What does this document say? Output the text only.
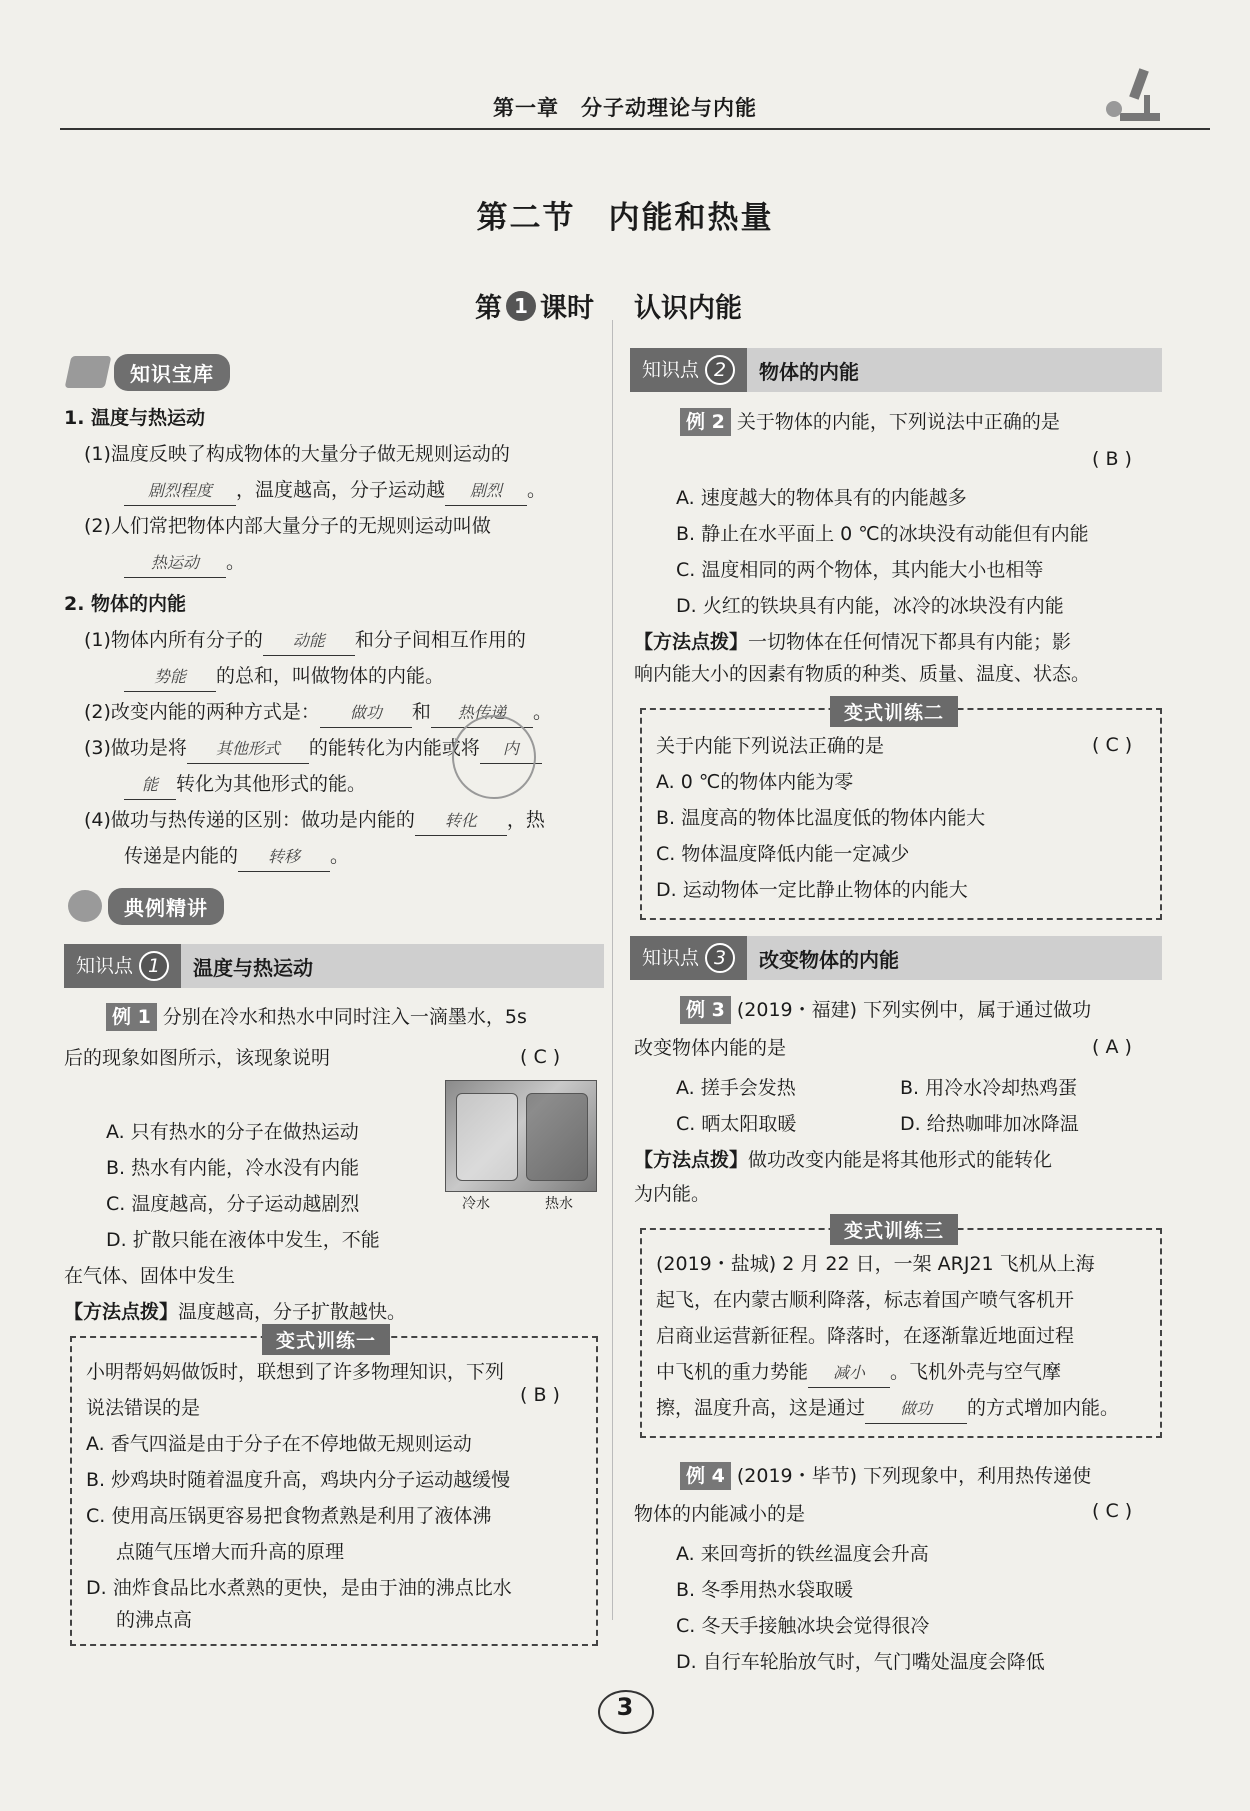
第一章　分子动理论与内能
第二节　内能和热量
第 1 课时 认识内能
知识宝库
1. 温度与热运动
(1)温度反映了构成物体的大量分子做无规则运动的
剧烈程度 ，温度越高，分子运动越 剧烈 。
(2)人们常把物体内部大量分子的无规则运动叫做
热运动 。
2. 物体的内能
(1)物体内所有分子的 动能 和分子间相互作用的
势能 的总和，叫做物体的内能。
(2)改变内能的两种方式是： 做功 和 热传递 。
(3)做功是将 其他形式 的能转化为内能或将 内
能 转化为其他形式的能。
(4)做功与热传递的区别：做功是内能的 转化 ，热
传递是内能的 转移 。
典例精讲
知识点 1	温度与热运动
例 1 分别在冷水和热水中同时注入一滴墨水，5s
后的现象如图所示，该现象说明	( C )
A. 只有热水的分子在做热运动
B. 热水有内能，冷水没有内能
C. 温度越高，分子运动越剧烈
D. 扩散只能在液体中发生，不能
在气体、固体中发生
冷水	热水
【方法点拨】温度越高，分子扩散越快。
变式训练一
小明帮妈妈做饭时，联想到了许多物理知识，下列
说法错误的是
( B )
A. 香气四溢是由于分子在不停地做无规则运动
B. 炒鸡块时随着温度升高，鸡块内分子运动越缓慢
C. 使用高压锅更容易把食物煮熟是利用了液体沸
点随气压增大而升高的原理
D. 油炸食品比水煮熟的更快，是由于油的沸点比水
的沸点高
知识点 2	物体的内能
例 2 关于物体的内能，下列说法中正确的是
( B )
A. 速度越大的物体具有的内能越多
B. 静止在水平面上 0 ℃的冰块没有动能但有内能
C. 温度相同的两个物体，其内能大小也相等
D. 火红的铁块具有内能，冰冷的冰块没有内能
【方法点拨】一切物体在任何情况下都具有内能；影
响内能大小的因素有物质的种类、质量、温度、状态。
变式训练二
关于内能下列说法正确的是	( C )
A. 0 ℃的物体内能为零
B. 温度高的物体比温度低的物体内能大
C. 物体温度降低内能一定减少
D. 运动物体一定比静止物体的内能大
知识点 3	改变物体的内能
例 3 (2019・福建) 下列实例中，属于通过做功
改变物体内能的是	( A )
A. 搓手会发热	B. 用冷水冷却热鸡蛋
C. 晒太阳取暖	D. 给热咖啡加冰降温
【方法点拨】做功改变内能是将其他形式的能转化
为内能。
变式训练三
(2019・盐城) 2 月 22 日，一架 ARJ21 飞机从上海
起飞，在内蒙古顺利降落，标志着国产喷气客机开
启商业运营新征程。降落时，在逐渐靠近地面过程
中飞机的重力势能 减小 。飞机外壳与空气摩
擦，温度升高，这是通过 做功 的方式增加内能。
例 4 (2019・毕节) 下列现象中，利用热传递使
物体的内能减小的是	( C )
A. 来回弯折的铁丝温度会升高
B. 冬季用热水袋取暖
C. 冬天手接触冰块会觉得很冷
D. 自行车轮胎放气时，气门嘴处温度会降低
3
